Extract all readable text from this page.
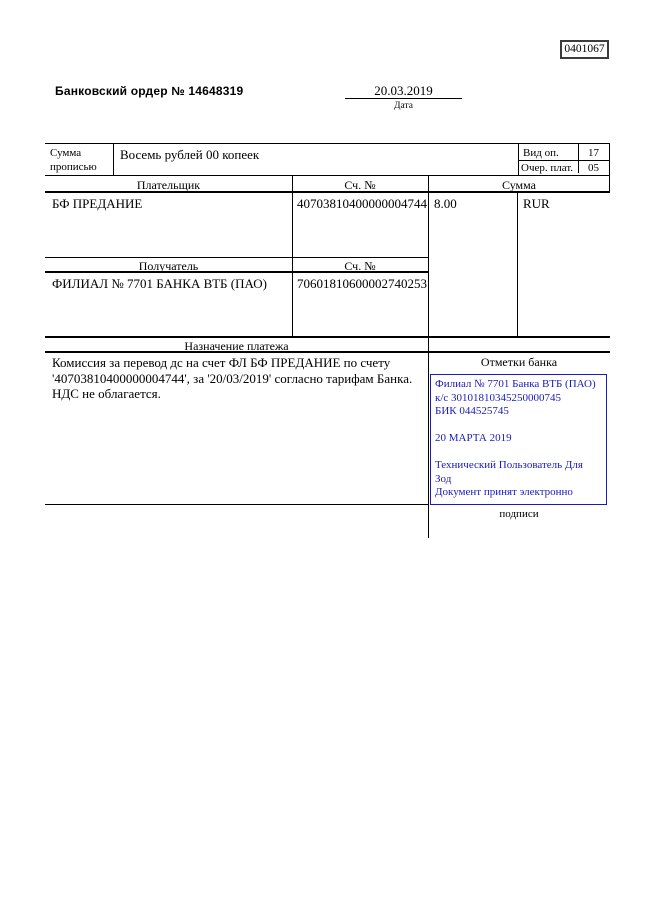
0401067
Банковский ордер № 14648319	20.03.2019
Дата
Сумма
прописью
Восемь рублей 00 копеек	Вид оп.	17
Очер. плат.	05
Плательщик	Сч. №	Сумма
БФ ПРЕДАНИЕ	40703810400000004744 8.00	RUR
Получатель	Сч. №
ФИЛИАЛ № 7701 БАНКА ВТБ (ПАО) 70601810600002740253
Назначение платежа
Комиссия за перевод дс на счет ФЛ БФ ПРЕДАНИЕ по счету
'40703810400000004744', за '20/03/2019' согласно тарифам Банка.
НДС не облагается.
Отметки банка
Филиал № 7701 Банка ВТБ (ПАО)
к/с 30101810345250000745
БИК 044525745
20 МАРТА 2019
Технический Пользователь Для
Зод
Документ принят электронно
подписи
